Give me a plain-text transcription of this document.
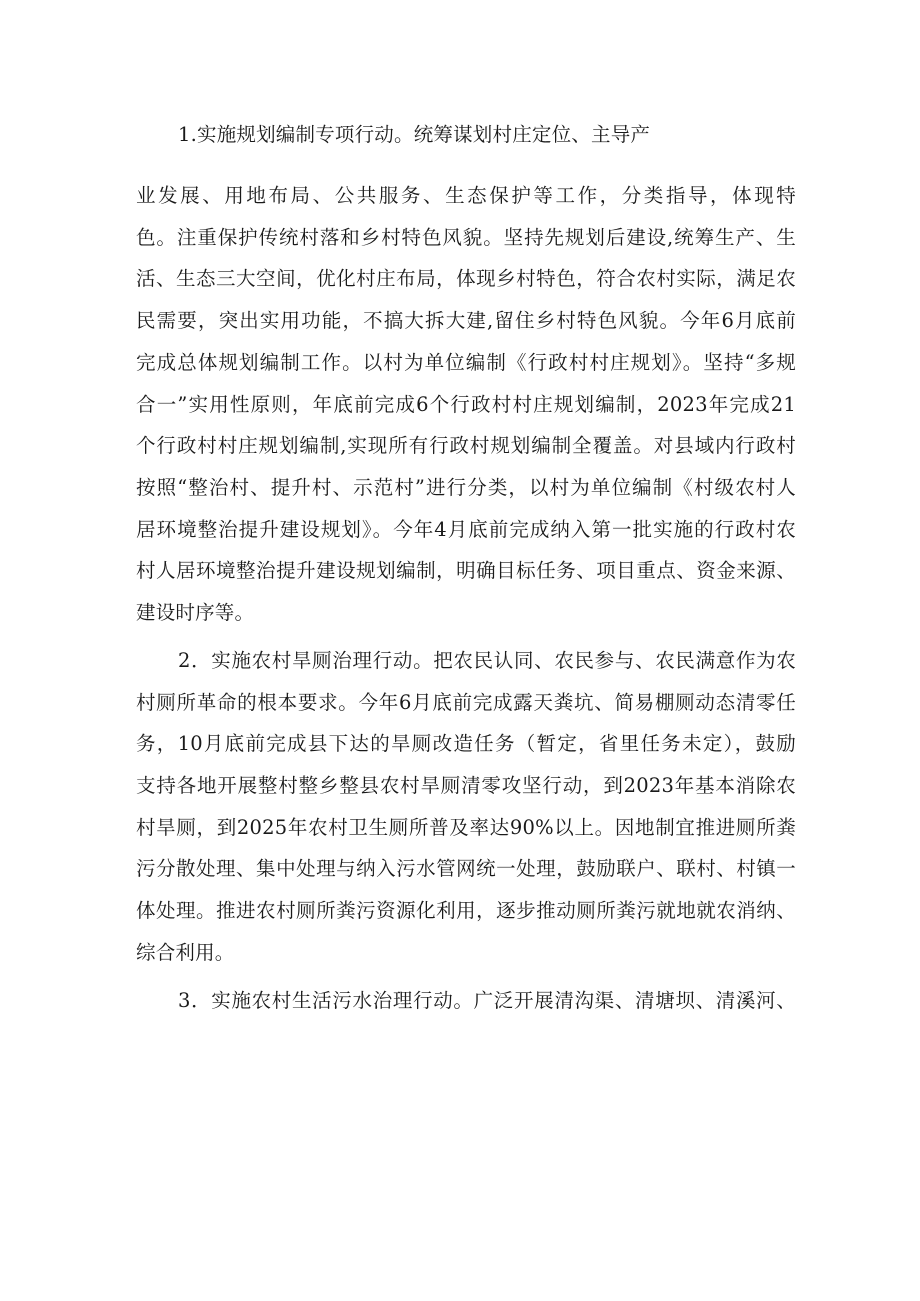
1.实施规划编制专项行动。统筹谋划村庄定位、主导产
业发展、用地布局、公共服务、生态保护等工作，分类指导，体现特
色。注重保护传统村落和乡村特色风貌。坚持先规划后建设,统筹生产、生
活、生态三大空间，优化村庄布局，体现乡村特色，符合农村实际，满足农
民需要，突出实用功能，不搞大拆大建,留住乡村特色风貌。今年6月底前
完成总体规划编制工作。以村为单位编制《行政村村庄规划》。坚持“多规
合一”实用性原则，年底前完成6个行政村村庄规划编制，2023年完成21
个行政村村庄规划编制,实现所有行政村规划编制全覆盖。对县域内行政村
按照“整治村、提升村、示范村”进行分类，以村为单位编制《村级农村人
居环境整治提升建设规划》。今年4月底前完成纳入第一批实施的行政村农
村人居环境整治提升建设规划编制，明确目标任务、项目重点、资金来源、
建设时序等。
2．实施农村旱厕治理行动。把农民认同、农民参与、农民满意作为农
村厕所革命的根本要求。今年6月底前完成露天粪坑、简易棚厕动态清零任
务，10月底前完成县下达的旱厕改造任务（暂定，省里任务未定），鼓励
支持各地开展整村整乡整县农村旱厕清零攻坚行动，到2023年基本消除农
村旱厕，到2025年农村卫生厕所普及率达90%以上。因地制宜推进厕所粪
污分散处理、集中处理与纳入污水管网统一处理，鼓励联户、联村、村镇一
体处理。推进农村厕所粪污资源化利用，逐步推动厕所粪污就地就农消纳、
综合利用。
3．实施农村生活污水治理行动。广泛开展清沟渠、清塘坝、清溪河、
